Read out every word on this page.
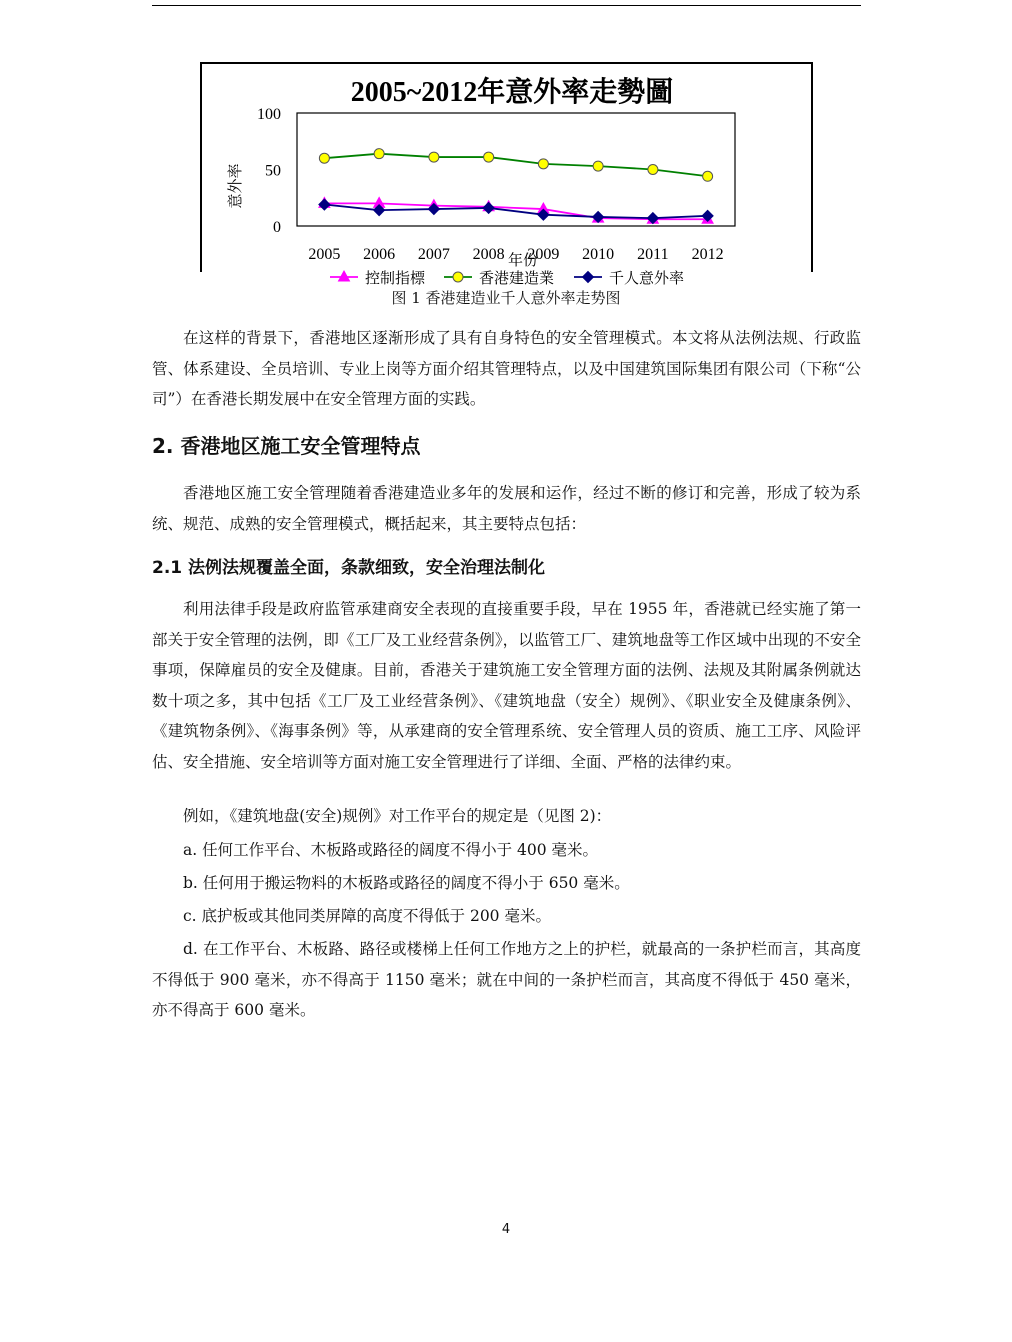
2005~2012年意外率走勢圖
意外率
年份
0
50
100
2005 2006 2007 2008 2009 2010 2011 2012
控制指標	香港建造業	千人意外率
图 1 香港建造业千人意外率走势图

在这样的背景下，香港地区逐渐形成了具有自身特色的安全管理模式。本文将从法例法规、行政监管、体系建设、全员培训、专业上岗等方面介绍其管理特点，以及中国建筑国际集团有限公司（下称“公司”）在香港长期发展中在安全管理方面的实践。

2. 香港地区施工安全管理特点

香港地区施工安全管理随着香港建造业多年的发展和运作，经过不断的修订和完善，形成了较为系统、规范、成熟的安全管理模式，概括起来，其主要特点包括：

2.1 法例法规覆盖全面，条款细致，安全治理法制化

利用法律手段是政府监管承建商安全表现的直接重要手段，早在 1955 年，香港就已经实施了第一部关于安全管理的法例，即《工厂及工业经营条例》，以监管工厂、建筑地盘等工作区域中出现的不安全事项，保障雇员的安全及健康。目前，香港关于建筑施工安全管理方面的法例、法规及其附属条例就达数十项之多，其中包括《工厂及工业经营条例》、《建筑地盘（安全）规例》、《职业安全及健康条例》、《建筑物条例》、《海事条例》等，从承建商的安全管理系统、安全管理人员的资质、施工工序、风险评估、安全措施、安全培训等方面对施工安全管理进行了详细、全面、严格的法律约束。

例如，《建筑地盘(安全)规例》对工作平台的规定是（见图 2)：

a. 任何工作平台、木板路或路径的阔度不得小于 400 毫米。

b. 任何用于搬运物料的木板路或路径的阔度不得小于 650 毫米。

c. 底护板或其他同类屏障的高度不得低于 200 毫米。

d. 在工作平台、木板路、路径或楼梯上任何工作地方之上的护栏，就最高的一条护栏而言，其高度不得低于 900 毫米，亦不得高于 1150 毫米；就在中间的一条护栏而言，其高度不得低于 450 毫米，亦不得高于 600 毫米。

4
